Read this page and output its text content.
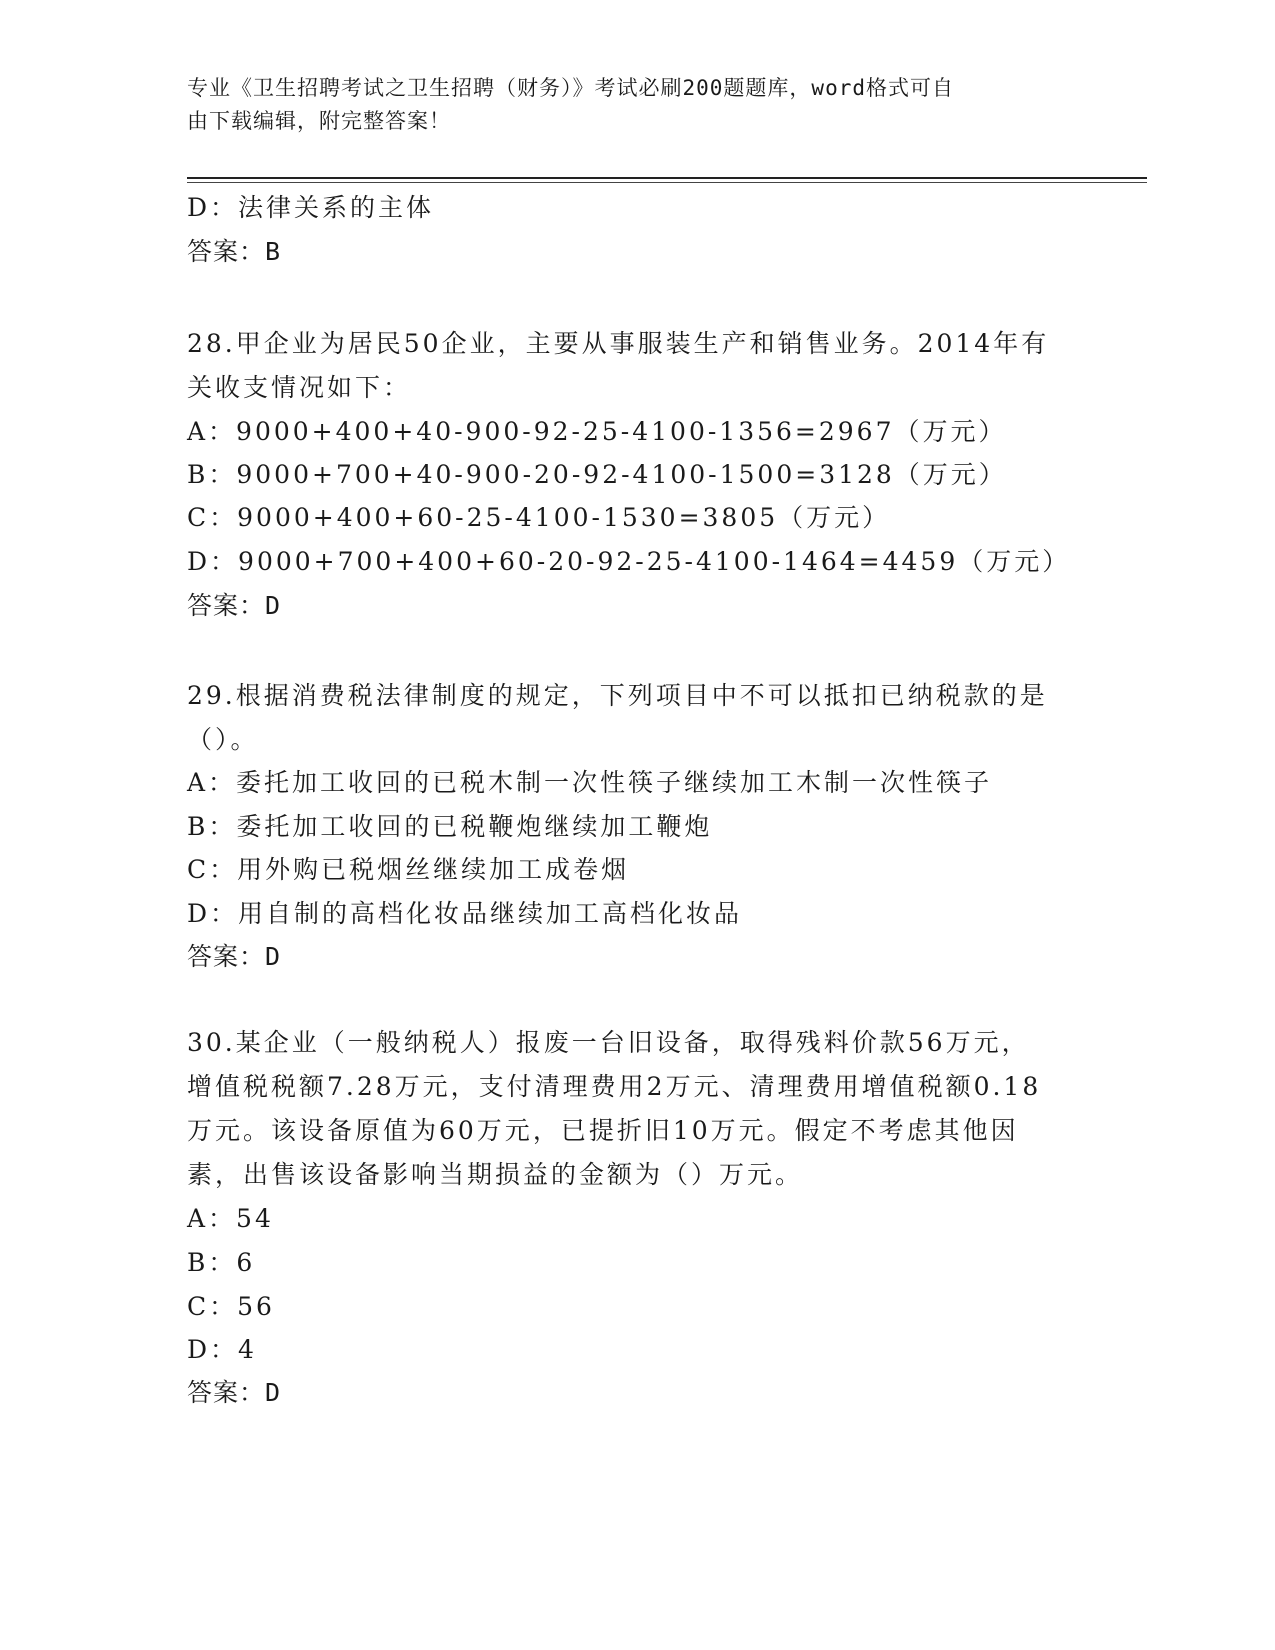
专业《卫生招聘考试之卫生招聘（财务）》考试必刷200题题库，word格式可自
由下载编辑，附完整答案！
D：法律关系的主体
答案：B
28.甲企业为居民50企业，主要从事服装生产和销售业务。2014年有
关收支情况如下：
A：9000+400+40-900-92-25-4100-1356=2967（万元）
B：9000+700+40-900-20-92-4100-1500=3128（万元）
C：9000+400+60-25-4100-1530=3805（万元）
D：9000+700+400+60-20-92-25-4100-1464=4459（万元）
答案：D
29.根据消费税法律制度的规定，下列项目中不可以抵扣已纳税款的是
（）。
A：委托加工收回的已税木制一次性筷子继续加工木制一次性筷子
B：委托加工收回的已税鞭炮继续加工鞭炮
C：用外购已税烟丝继续加工成卷烟
D：用自制的高档化妆品继续加工高档化妆品
答案：D
30.某企业（一般纳税人）报废一台旧设备，取得残料价款56万元，
增值税税额7.28万元，支付清理费用2万元、清理费用增值税额0.18
万元。该设备原值为60万元，已提折旧10万元。假定不考虑其他因
素，出售该设备影响当期损益的金额为（）万元。
A：54
B：6
C：56
D：4
答案：D
